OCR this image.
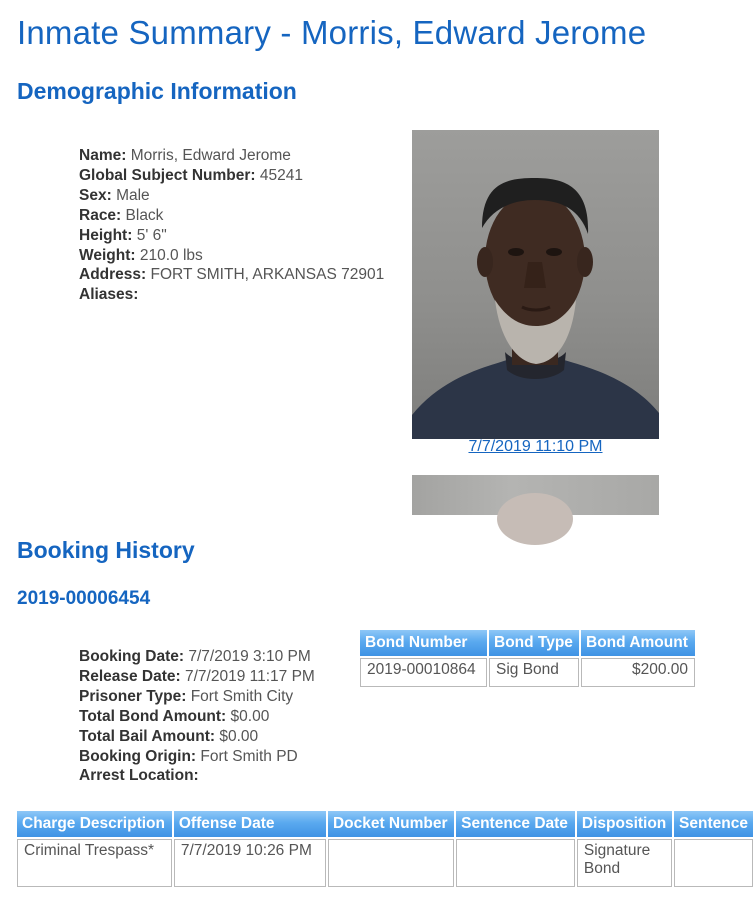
Inmate Summary - Morris, Edward Jerome
Demographic Information
Name: Morris, Edward Jerome
Global Subject Number: 45241
Sex: Male
Race: Black
Height: 5' 6"
Weight: 210.0 lbs
Address: FORT SMITH, ARKANSAS 72901
Aliases:
7/7/2019 11:10 PM
Booking History
2019-00006454
Booking Date: 7/7/2019 3:10 PM
Release Date: 7/7/2019 11:17 PM
Prisoner Type: Fort Smith City
Total Bond Amount: $0.00
Total Bail Amount: $0.00
Booking Origin: Fort Smith PD
Arrest Location:
Bond Number	Bond Type	Bond Amount
2019-00010864	Sig Bond	$200.00
Charge Description	Offense Date	Docket Number	Sentence Date	Disposition	Sentence
Criminal Trespass*	7/7/2019 10:26 PM			Signature Bond	
